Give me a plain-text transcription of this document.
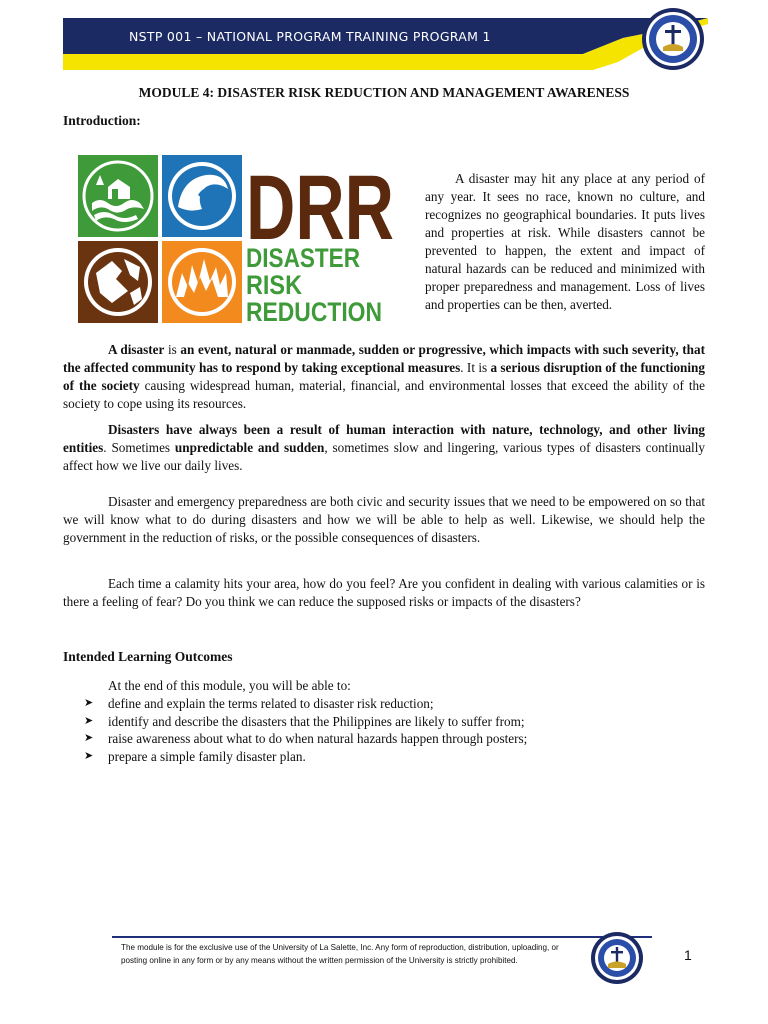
NSTP 001 – NATIONAL PROGRAM TRAINING PROGRAM 1
MODULE 4: DISASTER RISK REDUCTION AND MANAGEMENT AWARENESS
Introduction:
DRR
DISASTER
RISK
REDUCTION

A disaster may hit any place at any period of any year. It sees no race, known no culture, and recognizes no geographical boundaries. It puts lives and properties at risk. While disasters cannot be prevented to happen, the extent and impact of natural hazards can be reduced and minimized with proper preparedness and management. Loss of lives and properties can be then, averted.

A disaster is an event, natural or manmade, sudden or progressive, which impacts with such severity, that the affected community has to respond by taking exceptional measures. It is a serious disruption of the functioning of the society causing widespread human, material, financial, and environmental losses that exceed the ability of the society to cope using its resources.

Disasters have always been a result of human interaction with nature, technology, and other living entities. Sometimes unpredictable and sudden, sometimes slow and lingering, various types of disasters continually affect how we live our daily lives.

Disaster and emergency preparedness are both civic and security issues that we need to be empowered on so that we will know what to do during disasters and how we will be able to help as well. Likewise, we should help the government in the reduction of risks, or the possible consequences of disasters.

Each time a calamity hits your area, how do you feel? Are you confident in dealing with various calamities or is there a feeling of fear? Do you think we can reduce the supposed risks or impacts of the disasters?

Intended Learning Outcomes
At the end of this module, you will be able to:
➤	define and explain the terms related to disaster risk reduction;
➤	identify and describe the disasters that the Philippines are likely to suffer from;
➤	raise awareness about what to do when natural hazards happen through posters;
➤	prepare a simple family disaster plan.
The module is for the exclusive use of the University of La Salette, Inc. Any form of reproduction, distribution, uploading, or
posting online in any form or by any means without the written permission of the University is strictly prohibited.	1
